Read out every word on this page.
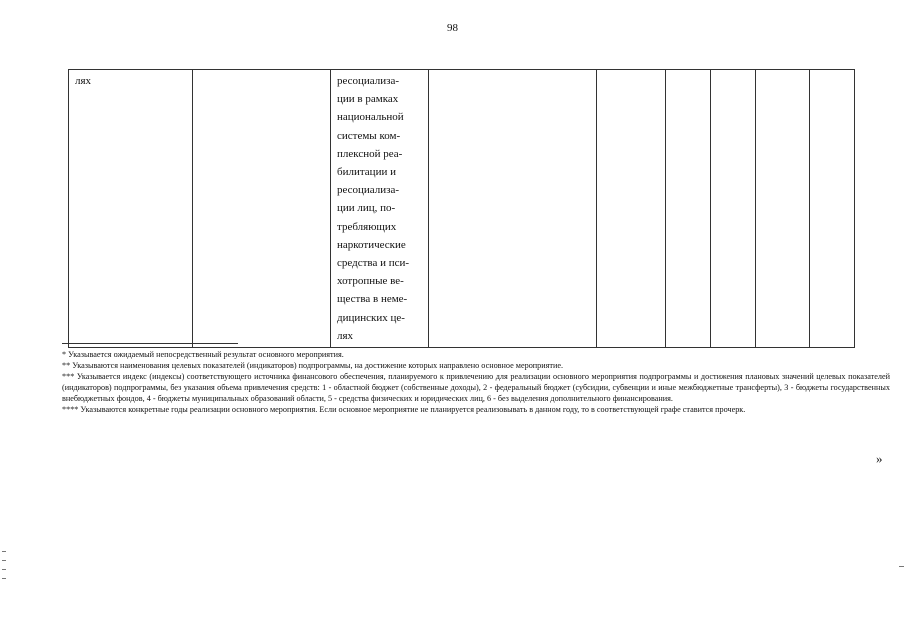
98
лях		ресоциализа-
ции в рамках
национальной
системы ком-
плексной реа-
билитации и
ресоциализа-
ции лиц, по-
требляющих
наркотические
средства и пси-
хотропные ве-
щества в неме-
дицинских це-
лях						

* Указывается ожидаемый непосредственный результат основного мероприятия.

** Указываются наименования целевых показателей (индикаторов) подпрограммы, на достижение которых направлено основное мероприятие.

*** Указывается индекс (индексы) соответствующего источника финансового обеспечения, планируемого к привлечению для реализации основного мероприятия подпрограммы и достижения плановых значений целевых показателей (индикаторов) подпрограммы, без указания объема привлечения средств: 1 - областной бюджет (собственные доходы), 2 - федеральный бюджет (субсидии, субвенции и иные межбюджетные трансферты), 3 - бюджеты государственных внебюджетных фондов, 4 - бюджеты муниципальных образований области, 5 - средства физических и юридических лиц, 6 - без выделения дополнительного финансирования.

**** Указываются конкретные годы реализации основного мероприятия. Если основное мероприятие не планируется реализовывать в данном году, то в соответствующей графе ставится прочерк.

»
